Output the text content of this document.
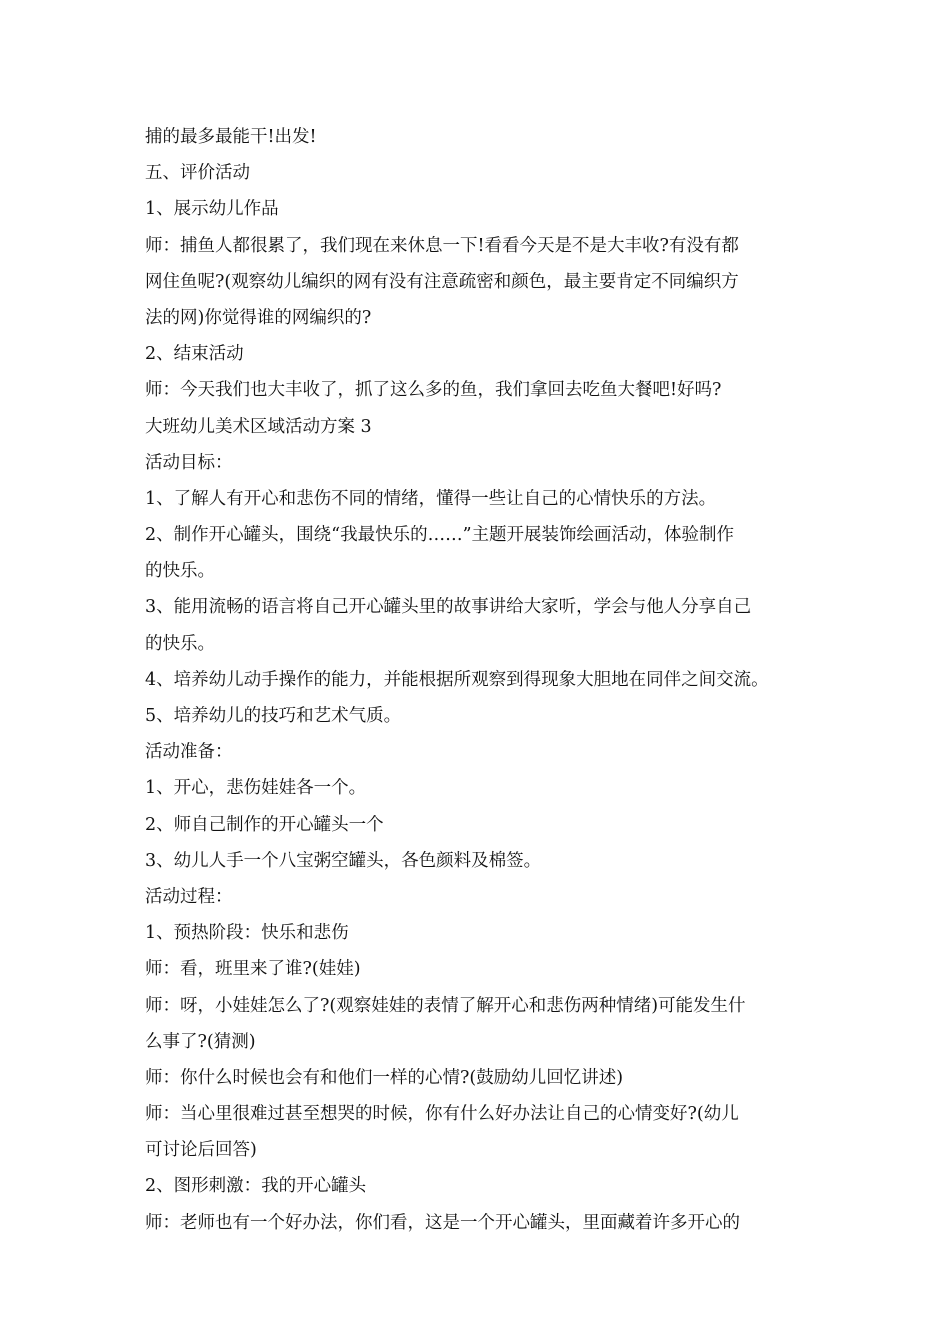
捕的最多最能干!出发!
五、评价活动
1、展示幼儿作品
师：捕鱼人都很累了，我们现在来休息一下!看看今天是不是大丰收?有没有都
网住鱼呢?(观察幼儿编织的网有没有注意疏密和颜色，最主要肯定不同编织方
法的网)你觉得谁的网编织的?
2、结束活动
师：今天我们也大丰收了，抓了这么多的鱼，我们拿回去吃鱼大餐吧!好吗?
大班幼儿美术区域活动方案 3
活动目标：
1、了解人有开心和悲伤不同的情绪，懂得一些让自己的心情快乐的方法。
2、制作开心罐头，围绕“我最快乐的……”主题开展装饰绘画活动，体验制作
的快乐。
3、能用流畅的语言将自己开心罐头里的故事讲给大家听，学会与他人分享自己
的快乐。
4、培养幼儿动手操作的能力，并能根据所观察到得现象大胆地在同伴之间交流。
5、培养幼儿的技巧和艺术气质。
活动准备：
1、开心，悲伤娃娃各一个。
2、师自己制作的开心罐头一个
3、幼儿人手一个八宝粥空罐头，各色颜料及棉签。
活动过程：
1、预热阶段：快乐和悲伤
师：看，班里来了谁?(娃娃)
师：呀，小娃娃怎么了?(观察娃娃的表情了解开心和悲伤两种情绪)可能发生什
么事了?(猜测)
师：你什么时候也会有和他们一样的心情?(鼓励幼儿回忆讲述)
师：当心里很难过甚至想哭的时候，你有什么好办法让自己的心情变好?(幼儿
可讨论后回答)
2、图形刺激：我的开心罐头
师：老师也有一个好办法，你们看，这是一个开心罐头，里面藏着许多开心的
